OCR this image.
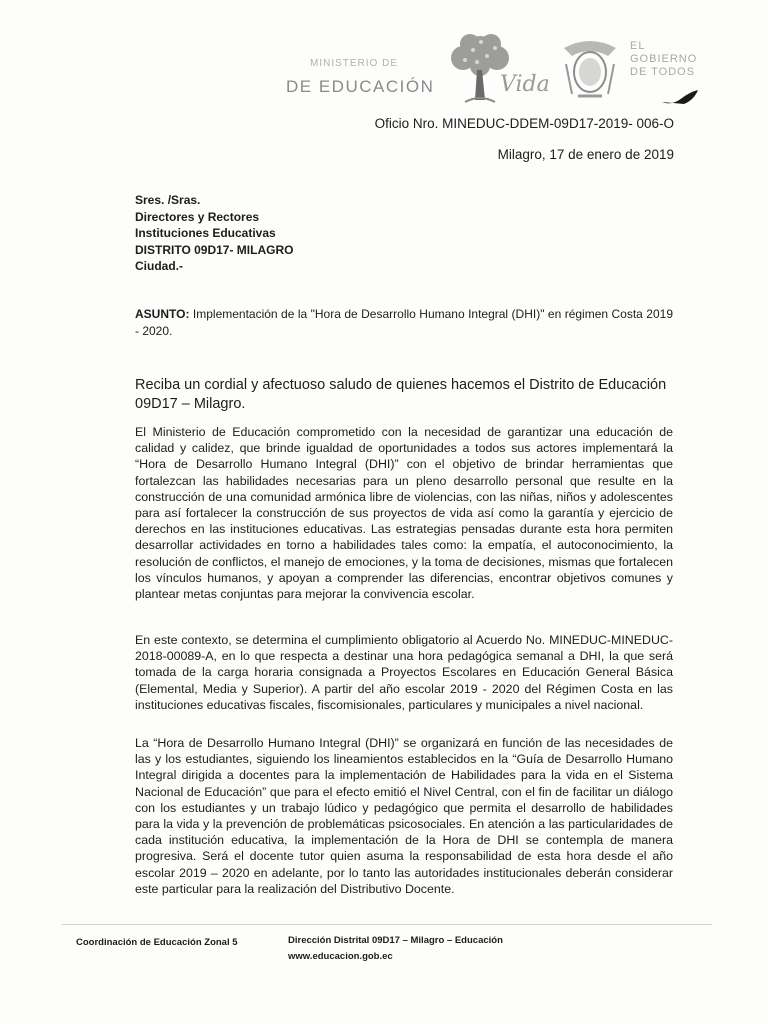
MINISTERIO DE
DE EDUCACIÓN	Vida
EL
GOBIERNO
DE TODOS
Oficio Nro. MINEDUC-DDEM-09D17-2019- 006-O
Milagro, 17 de enero de 2019
Sres. /Sras.
Directores y Rectores
Instituciones Educativas
DISTRITO 09D17- MILAGRO
Ciudad.-
ASUNTO: Implementación de la "Hora de Desarrollo Humano Integral (DHI)" en régimen Costa 2019 - 2020.
Reciba un cordial y afectuoso saludo de quienes hacemos el Distrito de Educación 09D17 – Milagro.
El Ministerio de Educación comprometido con la necesidad de garantizar una educación de calidad y calidez, que brinde igualdad de oportunidades a todos sus actores implementará la “Hora de Desarrollo Humano Integral (DHI)” con el objetivo de brindar herramientas que fortalezcan las habilidades necesarias para un pleno desarrollo personal que resulte en la construcción de una comunidad armónica libre de violencias, con las niñas, niños y adolescentes para así fortalecer la construcción de sus proyectos de vida así como la garantía y ejercicio de derechos en las instituciones educativas. Las estrategias pensadas durante esta hora permiten desarrollar actividades en torno a habilidades tales como: la empatía, el autoconocimiento, la resolución de conflictos, el manejo de emociones, y la toma de decisiones, mismas que fortalecen los vínculos humanos, y apoyan a comprender las diferencias, encontrar objetivos comunes y plantear metas conjuntas para mejorar la convivencia escolar.
En este contexto, se determina el cumplimiento obligatorio al Acuerdo No. MINEDUC-MINEDUC-2018-00089-A, en lo que respecta a destinar una hora pedagógica semanal a DHI, la que será tomada de la carga horaria consignada a Proyectos Escolares en Educación General Básica (Elemental, Media y Superior). A partir del año escolar 2019 - 2020 del Régimen Costa en las instituciones educativas fiscales, fiscomisionales, particulares y municipales a nivel nacional.
La “Hora de Desarrollo Humano Integral (DHI)” se organizará en función de las necesidades de las y los estudiantes, siguiendo los lineamientos establecidos en la “Guía de Desarrollo Humano Integral dirigida a docentes para la implementación de Habilidades para la vida en el Sistema Nacional de Educación” que para el efecto emitió el Nivel Central, con el fin de facilitar un diálogo con los estudiantes y un trabajo lúdico y pedagógico que permita el desarrollo de habilidades para la vida y la prevención de problemáticas psicosociales. En atención a las particularidades de cada institución educativa, la implementación de la Hora de DHI se contempla de manera progresiva. Será el docente tutor quien asuma la responsabilidad de esta hora desde el año escolar 2019 – 2020 en adelante, por lo tanto las autoridades institucionales deberán considerar este particular para la realización del Distributivo Docente.
Coordinación de Educación Zonal 5	Dirección Distrital 09D17 – Milagro – Educación
www.educacion.gob.ec
